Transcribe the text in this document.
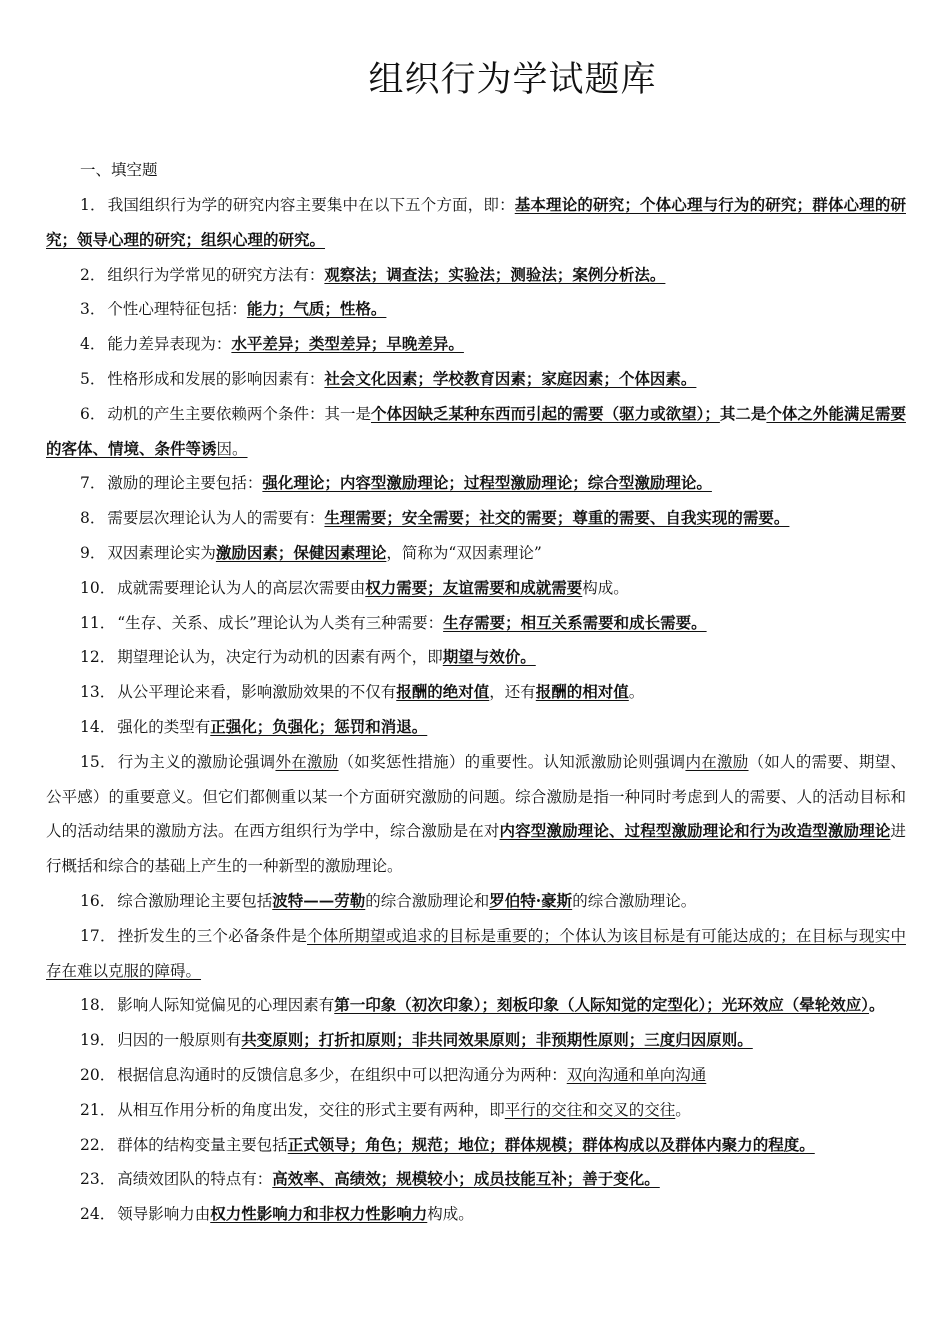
组织行为学试题库
一、填空题

1． 我国组织行为学的研究内容主要集中在以下五个方面，即：基本理论的研究；个体心理与行为的研究；群体心理的研究；领导心理的研究；组织心理的研究。

2． 组织行为学常见的研究方法有：观察法；调查法；实验法；测验法；案例分析法。

3． 个性心理特征包括：能力；气质；性格。

4． 能力差异表现为：水平差异；类型差异；早晚差异。

5． 性格形成和发展的影响因素有：社会文化因素；学校教育因素；家庭因素；个体因素。

6． 动机的产生主要依赖两个条件：其一是个体因缺乏某种东西而引起的需要（驱力或欲望）；其二是个体之外能满足需要的客体、情境、条件等诱因。

7． 激励的理论主要包括：强化理论；内容型激励理论；过程型激励理论；综合型激励理论。

8． 需要层次理论认为人的需要有：生理需要；安全需要；社交的需要；尊重的需要、自我实现的需要。

9． 双因素理论实为激励因素；保健因素理论，简称为“双因素理论”

10． 成就需要理论认为人的高层次需要由权力需要；友谊需要和成就需要构成。

11． “生存、关系、成长”理论认为人类有三种需要：生存需要；相互关系需要和成长需要。

12． 期望理论认为，决定行为动机的因素有两个，即期望与效价。

13． 从公平理论来看，影响激励效果的不仅有报酬的绝对值，还有报酬的相对值。

14． 强化的类型有正强化；负强化；惩罚和消退。

15． 行为主义的激励论强调外在激励（如奖惩性措施）的重要性。认知派激励论则强调内在激励（如人的需要、期望、公平感）的重要意义。但它们都侧重以某一个方面研究激励的问题。综合激励是指一种同时考虑到人的需要、人的活动目标和人的活动结果的激励方法。在西方组织行为学中，综合激励是在对内容型激励理论、过程型激励理论和行为改造型激励理论进行概括和综合的基础上产生的一种新型的激励理论。

16． 综合激励理论主要包括波特——劳勒的综合激励理论和罗伯特·豪斯的综合激励理论。

17． 挫折发生的三个必备条件是个体所期望或追求的目标是重要的；个体认为该目标是有可能达成的；在目标与现实中存在难以克服的障碍。

18． 影响人际知觉偏见的心理因素有第一印象（初次印象）；刻板印象（人际知觉的定型化）；光环效应（晕轮效应）。

19． 归因的一般原则有共变原则；打折扣原则；非共同效果原则；非预期性原则；三度归因原则。

20． 根据信息沟通时的反馈信息多少，在组织中可以把沟通分为两种：双向沟通和单向沟通

21． 从相互作用分析的角度出发，交往的形式主要有两种，即平行的交往和交叉的交往。

22． 群体的结构变量主要包括正式领导；角色；规范；地位；群体规模；群体构成以及群体内聚力的程度。

23． 高绩效团队的特点有：高效率、高绩效；规模较小；成员技能互补；善于变化。

24． 领导影响力由权力性影响力和非权力性影响力构成。
